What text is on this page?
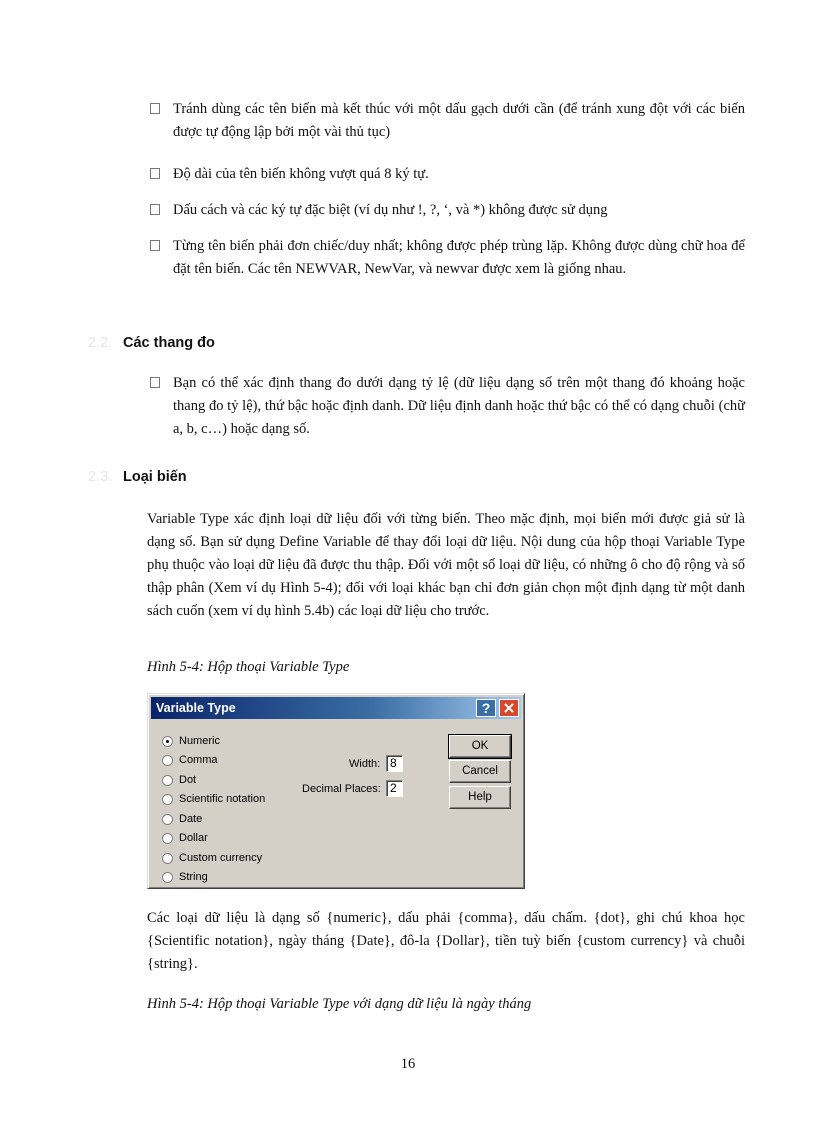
Tránh dùng các tên biến mà kết thúc với một dấu gạch dưới cần (để tránh xung đột với các biến được tự động lập bởi một vài thủ tục)
Độ dài của tên biến không vượt quá 8 ký tự.
Dấu cách và các ký tự đặc biệt (ví dụ như !, ?, ‘, và *) không được sử dụng
Từng tên biến phải đơn chiếc/duy nhất; không được phép trùng lặp. Không được dùng chữ hoa để đặt tên biến. Các tên NEWVAR, NewVar, và newvar được xem là giống nhau.
2.2. Các thang đo
Bạn có thể xác định thang đo dưới dạng tỷ lệ (dữ liệu dạng số trên một thang đó khoảng hoặc thang đo tỷ lệ), thứ bậc hoặc định danh. Dữ liệu định danh hoặc thứ bậc có thể có dạng chuỗi (chữ a, b, c…) hoặc dạng số.
2.3. Loại biến
Variable Type xác định loại dữ liệu đối với từng biến. Theo mặc định, mọi biến mới được giả sử là dạng số. Bạn sử dụng Define Variable để thay đổi loại dữ liệu. Nội dung của hộp thoại Variable Type phụ thuộc vào loại dữ liệu đã được thu thập. Đối với một số loại dữ liệu, có những ô cho độ rộng và số thập phân (Xem ví dụ Hình 5-4); đối với loại khác bạn chỉ đơn giản chọn một định dạng từ một danh sách cuốn (xem ví dụ hình 5.4b) các loại dữ liệu cho trước.
Hình 5-4: Hộp thoại Variable Type
Variable Type	?
Numeric
Comma
Dot
Scientific notation
Date
Dollar
Custom currency
String
Width: 8
Decimal Places: 2
OK
Cancel
Help
Các loại dữ liệu là dạng số {numeric}, dấu phải {comma}, dấu chấm. {dot}, ghi chú khoa học {Scientific notation}, ngày tháng {Date}, đô-la {Dollar}, tiền tuỳ biến {custom currency} và chuỗi {string}.
Hình 5-4: Hộp thoại Variable Type với dạng dữ liệu là ngày tháng
16
